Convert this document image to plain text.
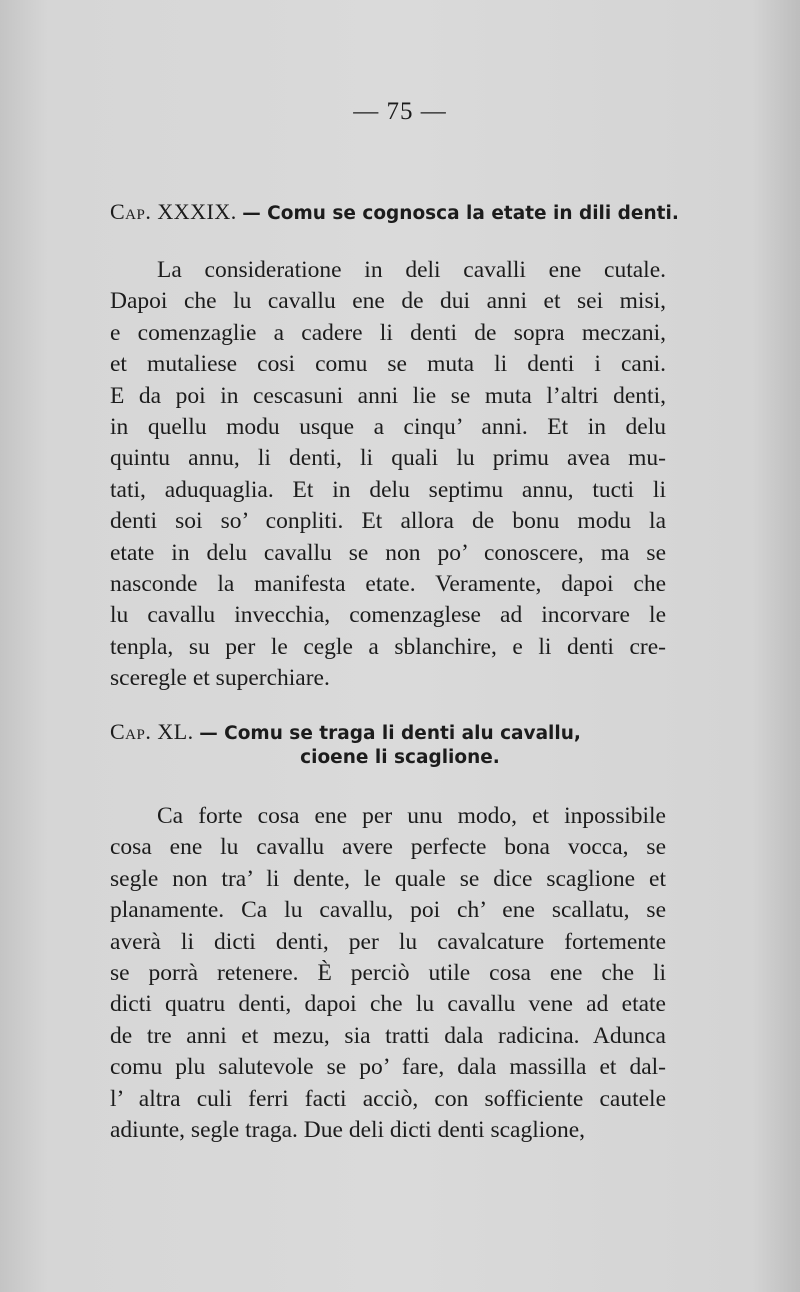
— 75 —
Cap. XXXIX. — Comu se cognosca la etate in dili denti.
La consideratione in deli cavalli ene cutale.
Dapoi che lu cavallu ene de dui anni et sei misi,
e comenzaglie a cadere li denti de sopra meczani,
et mutaliese cosi comu se muta li denti i cani.
E da poi in cescasuni anni lie se muta l’altri denti,
in quellu modu usque a cinqu’ anni. Et in delu
quintu annu, li denti, li quali lu primu avea mu-
tati, aduquaglia. Et in delu septimu annu, tucti li
denti soi so’ conpliti. Et allora de bonu modu la
etate in delu cavallu se non po’ conoscere, ma se
nasconde la manifesta etate. Veramente, dapoi che
lu cavallu invecchia, comenzaglese ad incorvare le
tenpla, su per le cegle a sblanchire, e li denti cre-
sceregle et superchiare.
Cap. XL. — Comu se traga li denti alu cavallu,
cioene li scaglione.
Ca forte cosa ene per unu modo, et inpossibile
cosa ene lu cavallu avere perfecte bona vocca, se
segle non tra’ li dente, le quale se dice scaglione et
planamente. Ca lu cavallu, poi ch’ ene scallatu, se
averà li dicti denti, per lu cavalcature fortemente
se porrà retenere. È perciò utile cosa ene che li
dicti quatru denti, dapoi che lu cavallu vene ad etate
de tre anni et mezu, sia tratti dala radicina. Adunca
comu plu salutevole se po’ fare, dala massilla et dal-
l’ altra culi ferri facti acciò, con sofficiente cautele
adiunte, segle traga. Due deli dicti denti scaglione,
